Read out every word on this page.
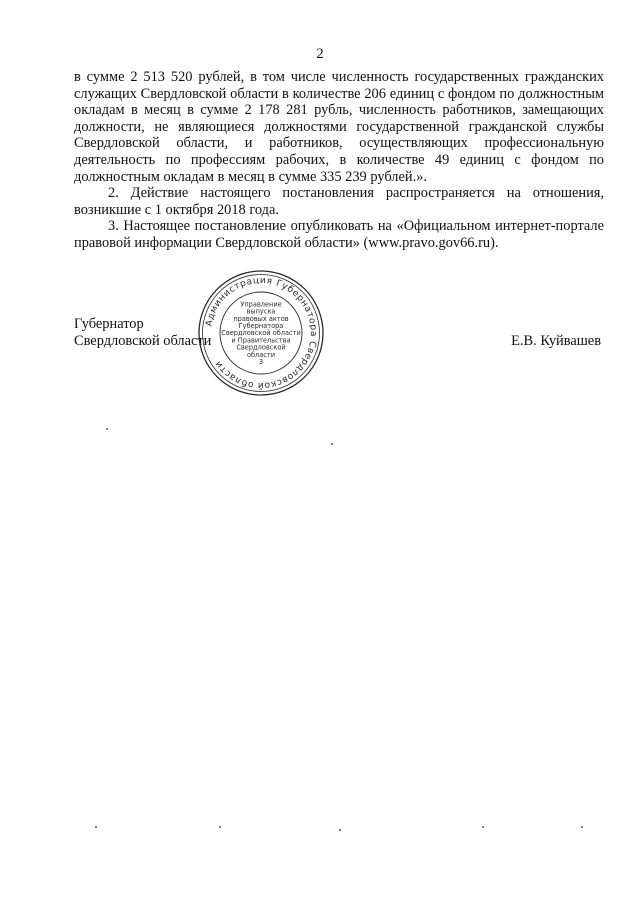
2

в сумме 2 513 520 рублей, в том числе численность государственных гражданских служащих Свердловской области в количестве 206 единиц с фондом по должностным окладам в месяц в сумме 2 178 281 рубль, численность работников, замещающих должности, не являющиеся должностями государственной гражданской службы Свердловской области, и работников, осуществляющих профессиональную деятельность по профессиям рабочих, в количестве 49 единиц с фондом по должностным окладам в месяц в сумме 335 239 рублей.».

2. Действие настоящего постановления распространяется на отношения, возникшие с 1 октября 2018 года.

3. Настоящее постановление опубликовать на «Официальном интернет-портале правовой информации Свердловской области» (www.pravo.gov66.ru).

Губернатор
Свердловской области	Е.В. Куйвашев
Администрация Губернатора Свердловской области
Управление
выпуска
правовых актов
Губернатора
Свердловской области
и Правительства
Свердловской
области
3
